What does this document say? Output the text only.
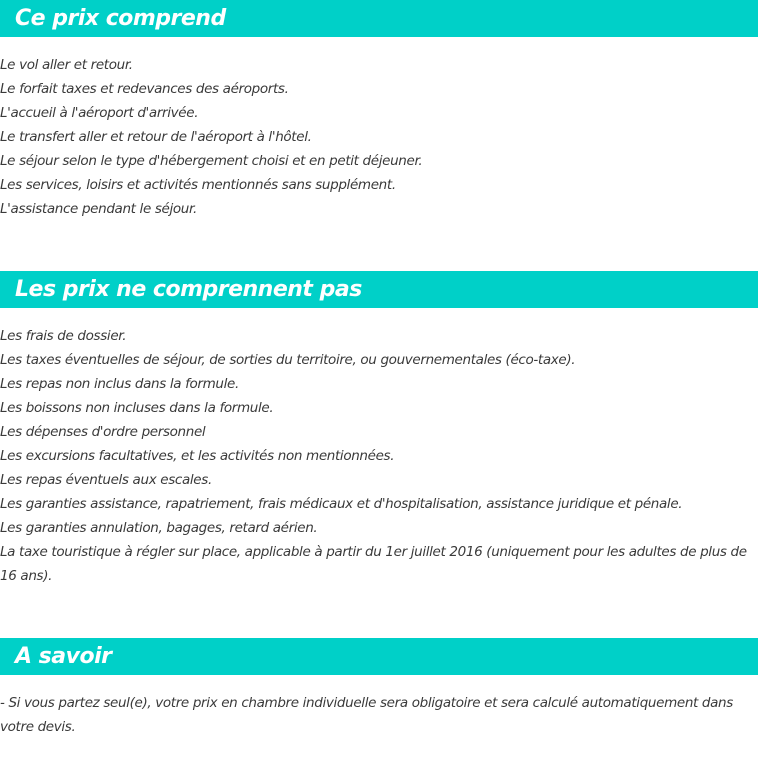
Ce prix comprend
Le vol aller et retour.
Le forfait taxes et redevances des aéroports.
L'accueil à l'aéroport d'arrivée.
Le transfert aller et retour de l'aéroport à l'hôtel.
Le séjour selon le type d'hébergement choisi et en petit déjeuner.
Les services, loisirs et activités mentionnés sans supplément.
L'assistance pendant le séjour.
Les prix ne comprennent pas
Les frais de dossier.
Les taxes éventuelles de séjour, de sorties du territoire, ou gouvernementales (éco-taxe).
Les repas non inclus dans la formule.
Les boissons non incluses dans la formule.
Les dépenses d'ordre personnel
Les excursions facultatives, et les activités non mentionnées.
Les repas éventuels aux escales.
Les garanties assistance, rapatriement, frais médicaux et d'hospitalisation, assistance juridique et pénale.
Les garanties annulation, bagages, retard aérien.
La taxe touristique à régler sur place, applicable à partir du 1er juillet 2016 (uniquement pour les adultes de plus de 16 ans).
A savoir

- Si vous partez seul(e), votre prix en chambre individuelle sera obligatoire et sera calculé automatiquement dans votre devis.
